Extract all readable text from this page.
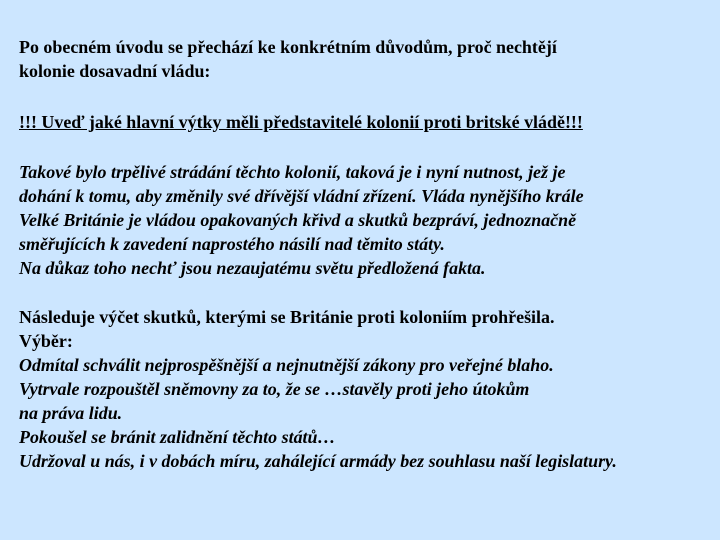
Po obecném úvodu se přechází ke konkrétním důvodům, proč nechtějí
kolonie dosavadní vládu:
!!! Uveď jaké hlavní výtky měli představitelé kolonií proti britské vládě!!!
Takové bylo trpělivé strádání těchto kolonií, taková je i nyní nutnost, jež je
dohání k tomu, aby změnily své dřívější vládní zřízení. Vláda nynějšího krále
Velké Británie je vládou opakovaných křivd a skutků bezpráví, jednoznačně
směřujících k zavedení naprostého násilí nad těmito státy.
Na důkaz toho nechť jsou nezaujatému světu předložená fakta.
Následuje výčet skutků, kterými se Británie proti koloniím prohřešila.
Výběr:
Odmítal schválit nejprospěšnější a nejnutnější zákony pro veřejné blaho.
Vytrvale rozpouštěl sněmovny za to, že se …stavěly proti jeho útokům
na práva lidu.
Pokoušel se bránit zalidnění těchto států…
Udržoval u nás, i v dobách míru, zahálející armády bez souhlasu naší legislatury.
